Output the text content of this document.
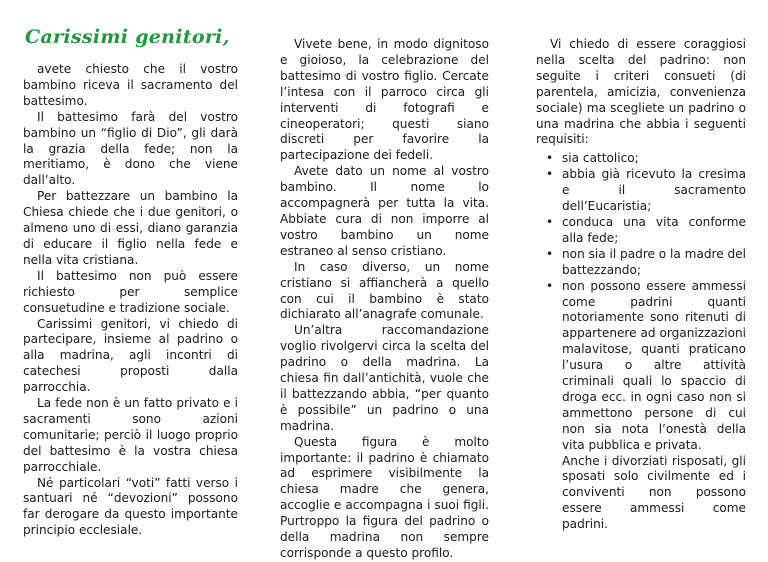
Carissimi genitori,

avete chiesto che il vostro bambino riceva il sacramento del battesimo.

Il battesimo farà del vostro bambino un “figlio di Dio”, gli darà la grazia della fede; non la meritiamo, è dono che viene dall’alto.

Per battezzare un bambino la Chiesa chiede che i due genitori, o almeno uno di essi, diano garanzia di educare il figlio nella fede e nella vita cristiana.

Il battesimo non può essere richiesto per semplice consuetudine e tradizione sociale.

Carissimi genitori, vi chiedo di partecipare, insieme al padrino o alla madrina, agli incontri di catechesi proposti dalla parrocchia.

La fede non è un fatto privato e i sacramenti sono azioni comunitarie; perciò il luogo proprio del battesimo è la vostra chiesa parrocchiale.

Né particolari “voti” fatti verso i santuari né “devozioni” possono far derogare da questo importante principio ecclesiale.

Vivete bene, in modo dignitoso e gioioso, la celebrazione del battesimo di vostro figlio. Cercate l’intesa con il parroco circa gli interventi di fotografi e cineoperatori; questi siano discreti per favorire la partecipazione dei fedeli.

Avete dato un nome al vostro bambino. Il nome lo accompagnerà per tutta la vita. Abbiate cura di non imporre al vostro bambino un nome estraneo al senso cristiano.

In caso diverso, un nome cristiano si affiancherà a quello con cui il bambino è stato dichiarato all’anagrafe comunale.

Un’altra raccomandazione voglio rivolgervi circa la scelta del padrino o della madrina. La chiesa fin dall’antichità, vuole che il battezzando abbia, “per quanto è possibile” un padrino o una madrina.

Questa figura è molto importante: il padrino è chiamato ad esprimere visibilmente la chiesa madre che genera, accoglie e accompagna i suoi figli. Purtroppo la figura del padrino o della madrina non sempre corrisponde a questo profilo.

Vi chiedo di essere coraggiosi nella scelta del padrino: non seguite i criteri consueti (di parentela, amicizia, convenienza sociale) ma scegliete un padrino o una madrina che abbia i seguenti requisiti:

• sia cattolico;
• abbia già ricevuto la cresima e il sacramento dell’Eucaristia;
• conduca una vita conforme alla fede;
• non sia il padre o la madre del battezzando;
• non possono essere ammessi come padrini quanti notoriamente sono ritenuti di appartenere ad organizzazioni malavitose, quanti praticano l’usura o altre attività criminali quali lo spaccio di droga ecc. in ogni caso non si ammettono persone di cui non sia nota l’onestà della vita pubblica e privata.

Anche i divorziati risposati, gli sposati solo civilmente ed i conviventi non possono essere ammessi come padrini.
